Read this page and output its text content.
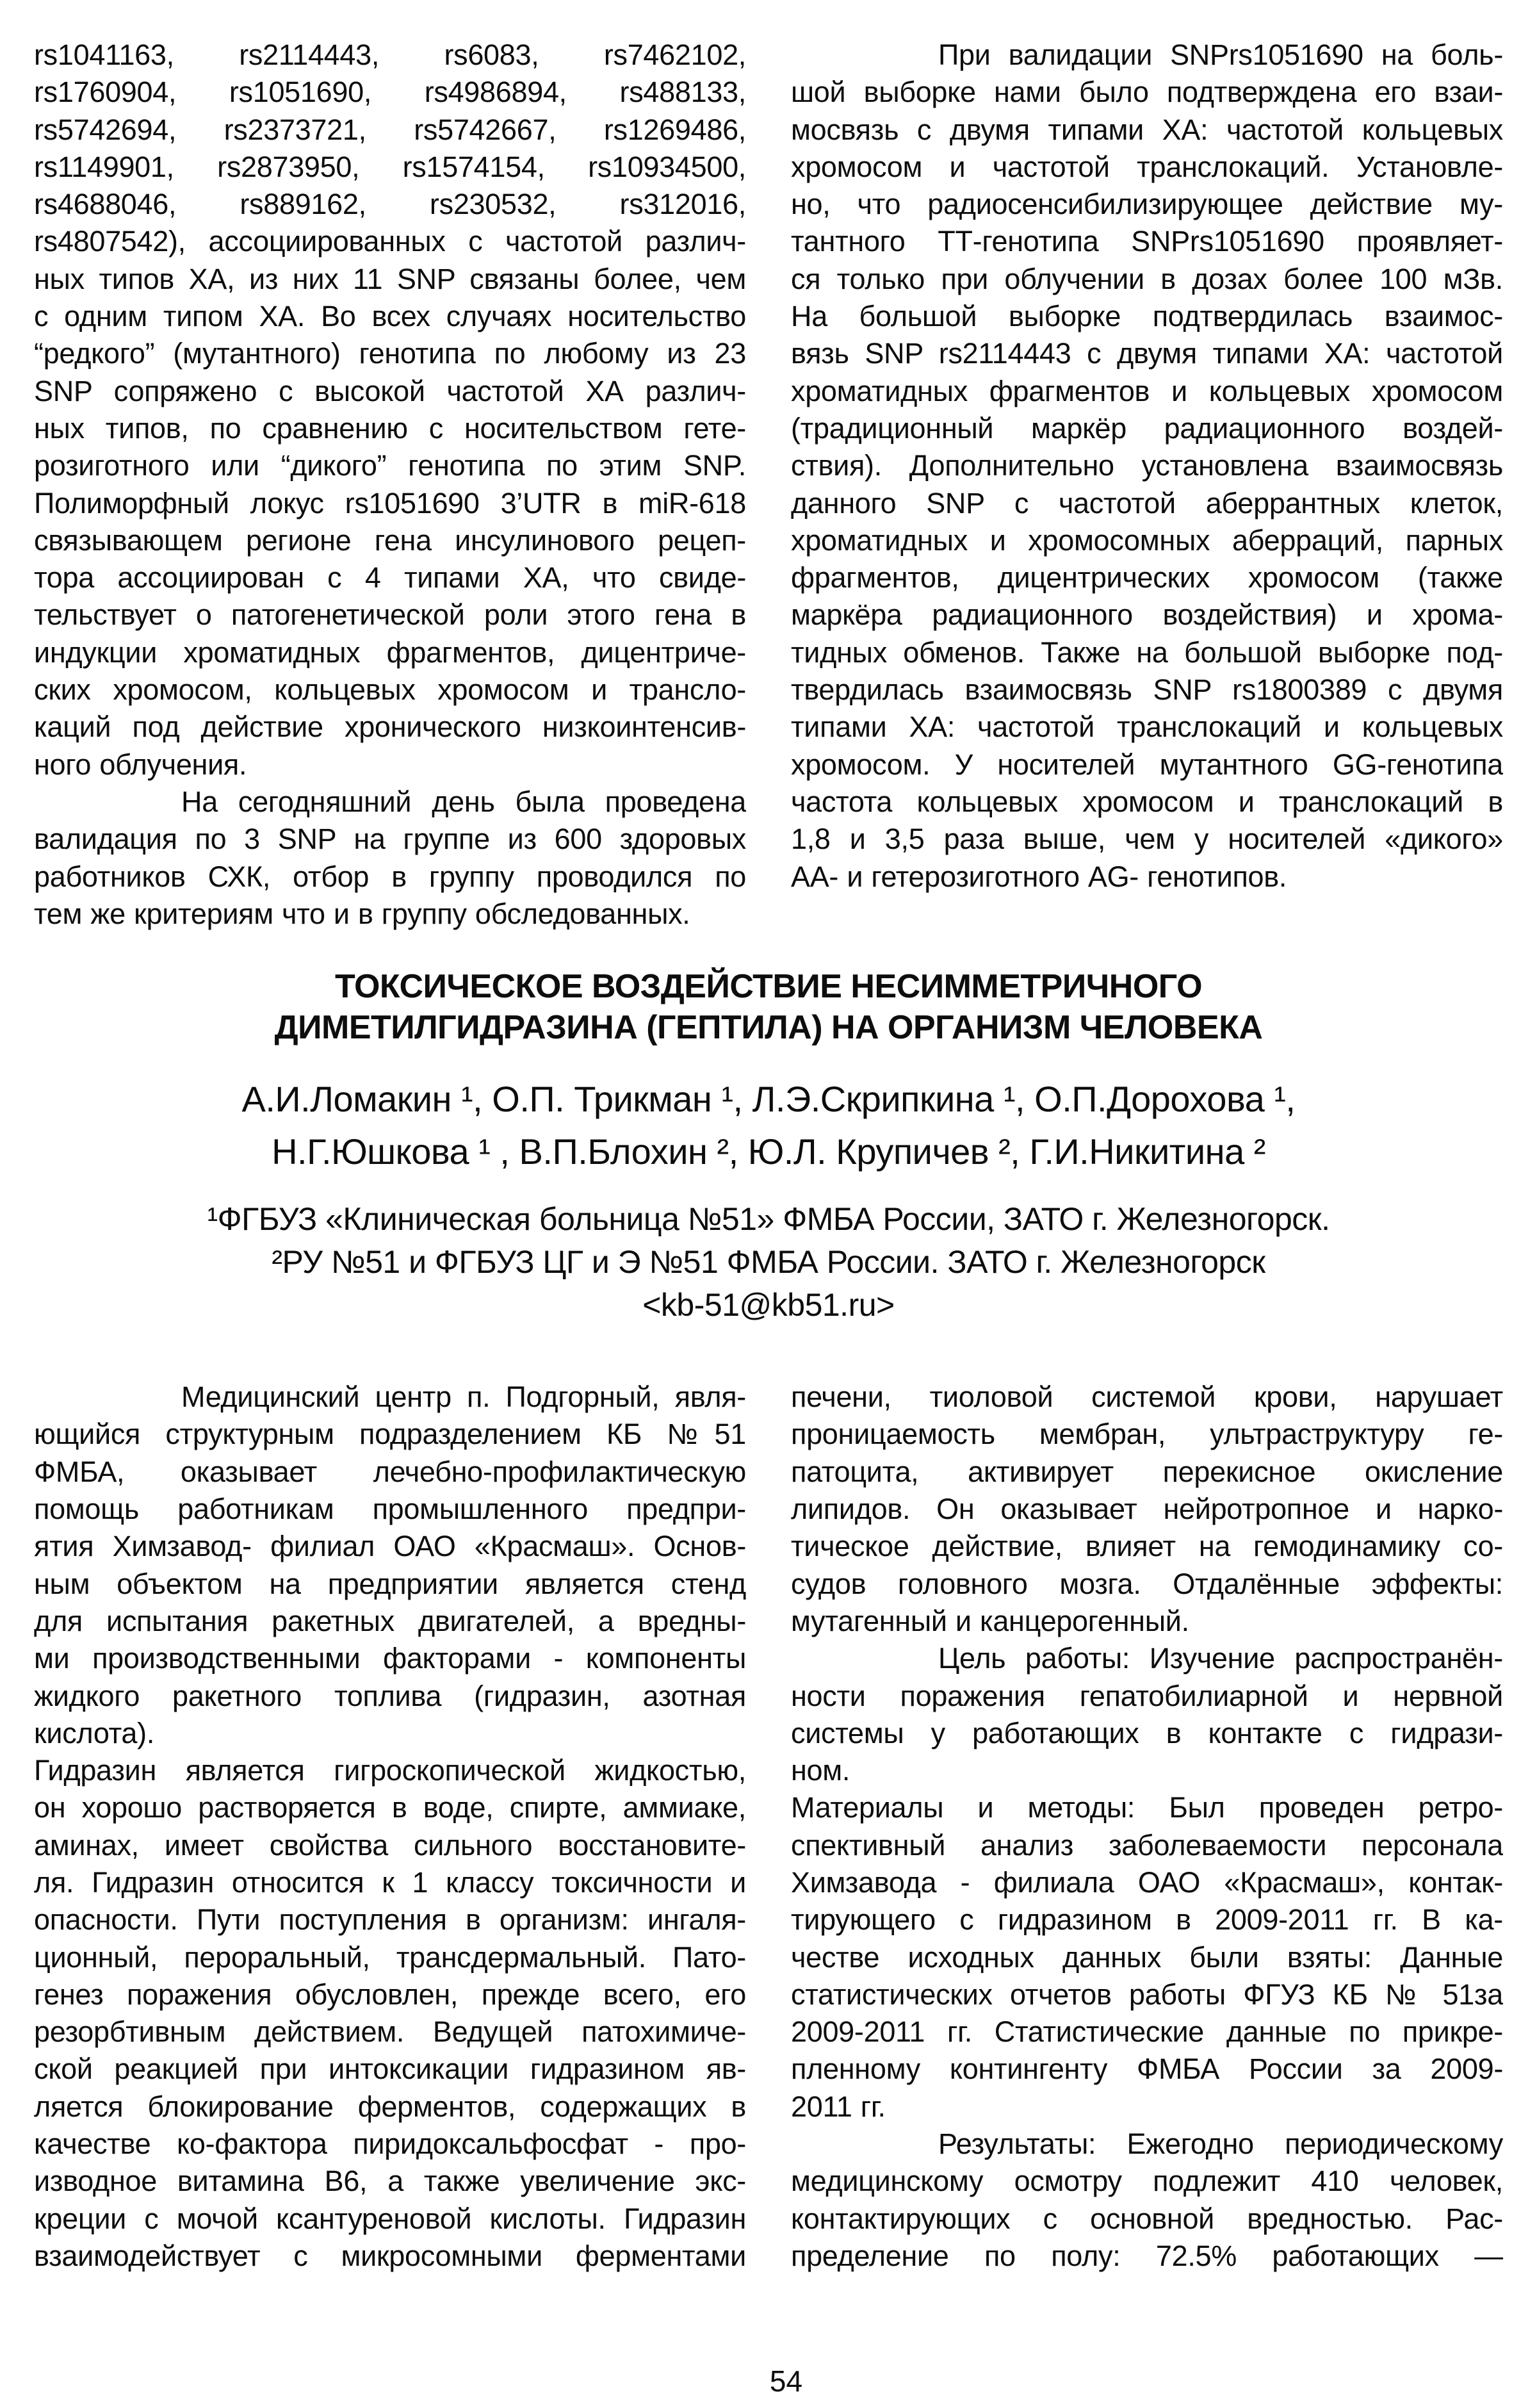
rs1041163, rs2114443, rs6083, rs7462102,
rs1760904, rs1051690, rs4986894, rs488133,
rs5742694, rs2373721, rs5742667, rs1269486,
rs1149901, rs2873950, rs1574154, rs10934500,
rs4688046, rs889162, rs230532, rs312016,
rs4807542), ассоциированных с частотой различ-
ных типов ХА, из них 11 SNP связаны более, чем
с одним типом ХА. Во всех случаях носительство
“редкого” (мутантного) генотипа по любому из 23
SNP сопряжено с высокой частотой ХА различ-
ных типов, по сравнению с носительством гете-
розиготного или “дикого” генотипа по этим SNP.
Полиморфный локус rs1051690 3’UTR в miR-618
связывающем регионе гена инсулинового рецеп-
тора ассоциирован с 4 типами ХА, что свиде-
тельствует о патогенетической роли этого гена в
индукции хроматидных фрагментов, дицентриче-
ских хромосом, кольцевых хромосом и трансло-
каций под действие хронического низкоинтенсив-
ного облучения.
На сегодняшний день была проведена
валидация по 3 SNP на группе из 600 здоровых
работников СХК, отбор в группу проводился по
тем же критериям что и в группу обследованных.
При валидации SNPrs1051690 на боль-
шой выборке нами было подтверждена его взаи-
мосвязь с двумя типами ХА: частотой кольцевых
хромосом и частотой транслокаций. Установле-
но, что радиосенсибилизирующее действие му-
тантного ТТ-генотипа SNPrs1051690 проявляет-
ся только при облучении в дозах более 100 мЗв.
На большой выборке подтвердилась взаимос-
вязь SNP rs2114443 с двумя типами ХА: частотой
хроматидных фрагментов и кольцевых хромосом
(традиционный маркёр радиационного воздей-
ствия). Дополнительно установлена взаимосвязь
данного SNP с частотой аберрантных клеток,
хроматидных и хромосомных аберраций, парных
фрагментов, дицентрических хромосом (также
маркёра радиационного воздействия) и хрома-
тидных обменов. Также на большой выборке под-
твердилась взаимосвязь SNP rs1800389 с двумя
типами ХА: частотой транслокаций и кольцевых
хромосом. У носителей мутантного GG-генотипа
частота кольцевых хромосом и транслокаций в
1,8 и 3,5 раза выше, чем у носителей «дикого»
АА- и гетерозиготного AG- генотипов.
ТОКСИЧЕСКОЕ ВОЗДЕЙСТВИЕ НЕСИММЕТРИЧНОГО
ДИМЕТИЛГИДРАЗИНА (ГЕПТИЛА) НА ОРГАНИЗМ ЧЕЛОВЕКА
А.И.Ломакин ¹, О.П. Трикман ¹, Л.Э.Скрипкина ¹, О.П.Дорохова ¹,
Н.Г.Юшкова ¹ , В.П.Блохин ², Ю.Л. Крупичев ², Г.И.Никитина ²
¹ФГБУЗ «Клиническая больница №51» ФМБА России, ЗАТО г. Железногорск.
²РУ №51 и ФГБУЗ ЦГ и Э №51 ФМБА России. ЗАТО г. Железногорск
<kb-51@kb51.ru>
Медицинский центр п. Подгорный, явля-
ющийся структурным подразделением КБ №51
ФМБА, оказывает лечебно-профилактическую
помощь работникам промышленного предпри-
ятия Химзавод- филиал ОАО «Красмаш». Основ-
ным объектом на предприятии является стенд
для испытания ракетных двигателей, а вредны-
ми производственными факторами - компоненты
жидкого ракетного топлива (гидразин, азотная
кислота).
Гидразин является гигроскопической жидкостью,
он хорошо растворяется в воде, спирте, аммиаке,
аминах, имеет свойства сильного восстановите-
ля. Гидразин относится к 1 классу токсичности и
опасности. Пути поступления в организм: ингаля-
ционный, пероральный, трансдермальный. Пато-
генез поражения обусловлен, прежде всего, его
резорбтивным действием. Ведущей патохимиче-
ской реакцией при интоксикации гидразином яв-
ляется блокирование ферментов, содержащих в
качестве ко-фактора пиридоксальфосфат - про-
изводное витамина В6, а также увеличение экс-
креции с мочой ксантуреновой кислоты. Гидразин
взаимодействует с микросомными ферментами
печени, тиоловой системой крови, нарушает
проницаемость мембран, ультраструктуру ге-
патоцита, активирует перекисное окисление
липидов. Он оказывает нейротропное и нарко-
тическое действие, влияет на гемодинамику со-
судов головного мозга. Отдалённые эффекты:
мутагенный и канцерогенный.
Цель работы: Изучение распространён-
ности поражения гепатобилиарной и нервной
системы у работающих в контакте с гидрази-
ном.
Материалы и методы: Был проведен ретро-
спективный анализ заболеваемости персонала
Химзавода - филиала ОАО «Красмаш», контак-
тирующего с гидразином в 2009-2011 гг. В ка-
честве исходных данных были взяты: Данные
статистических отчетов работы ФГУЗ КБ № 51за
2009-2011 гг. Статистические данные по прикре-
пленному контингенту ФМБА России за 2009-
2011 гг.
Результаты: Ежегодно периодическому
медицинскому осмотру подлежит 410 человек,
контактирующих с основной вредностью. Рас-
пределение по полу: 72.5% работающих —
54
